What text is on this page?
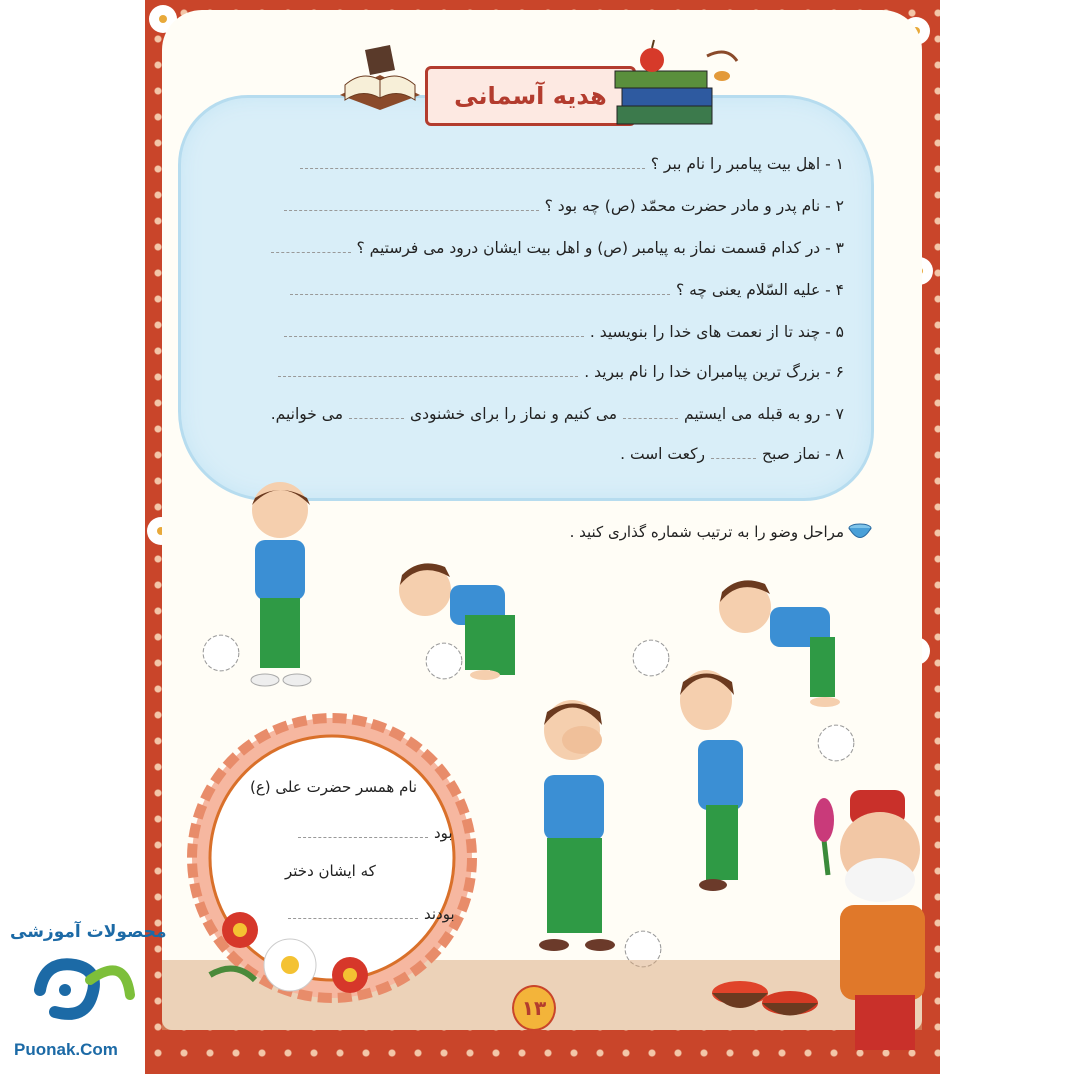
هدیه آسمانی
۱ - اهل بیت پیامبر را نام ببر ؟
۲ - نام پدر و مادر حضرت محمّد (ص) چه بود ؟
۳ - در کدام قسمت نماز به پیامبر (ص) و اهل بیت ایشان درود می فرستیم ؟
۴ - علیه السّلام یعنی چه ؟
۵ - چند تا از نعمت های خدا را بنویسید .
۶ - بزرگ ترین پیامبران خدا را نام ببرید .
۷ - رو به قبله می ایستیممی کنیم و نماز را برای خشنودیمی خوانیم.
۸ - نماز صبحرکعت است .
مراحل وضو را به ترتیب شماره گذاری کنید .
نام همسر حضرت علی (ع)
بود
که ایشان دختر
بودند
۱۳
محصولات آموزشی
Puonak.Com
